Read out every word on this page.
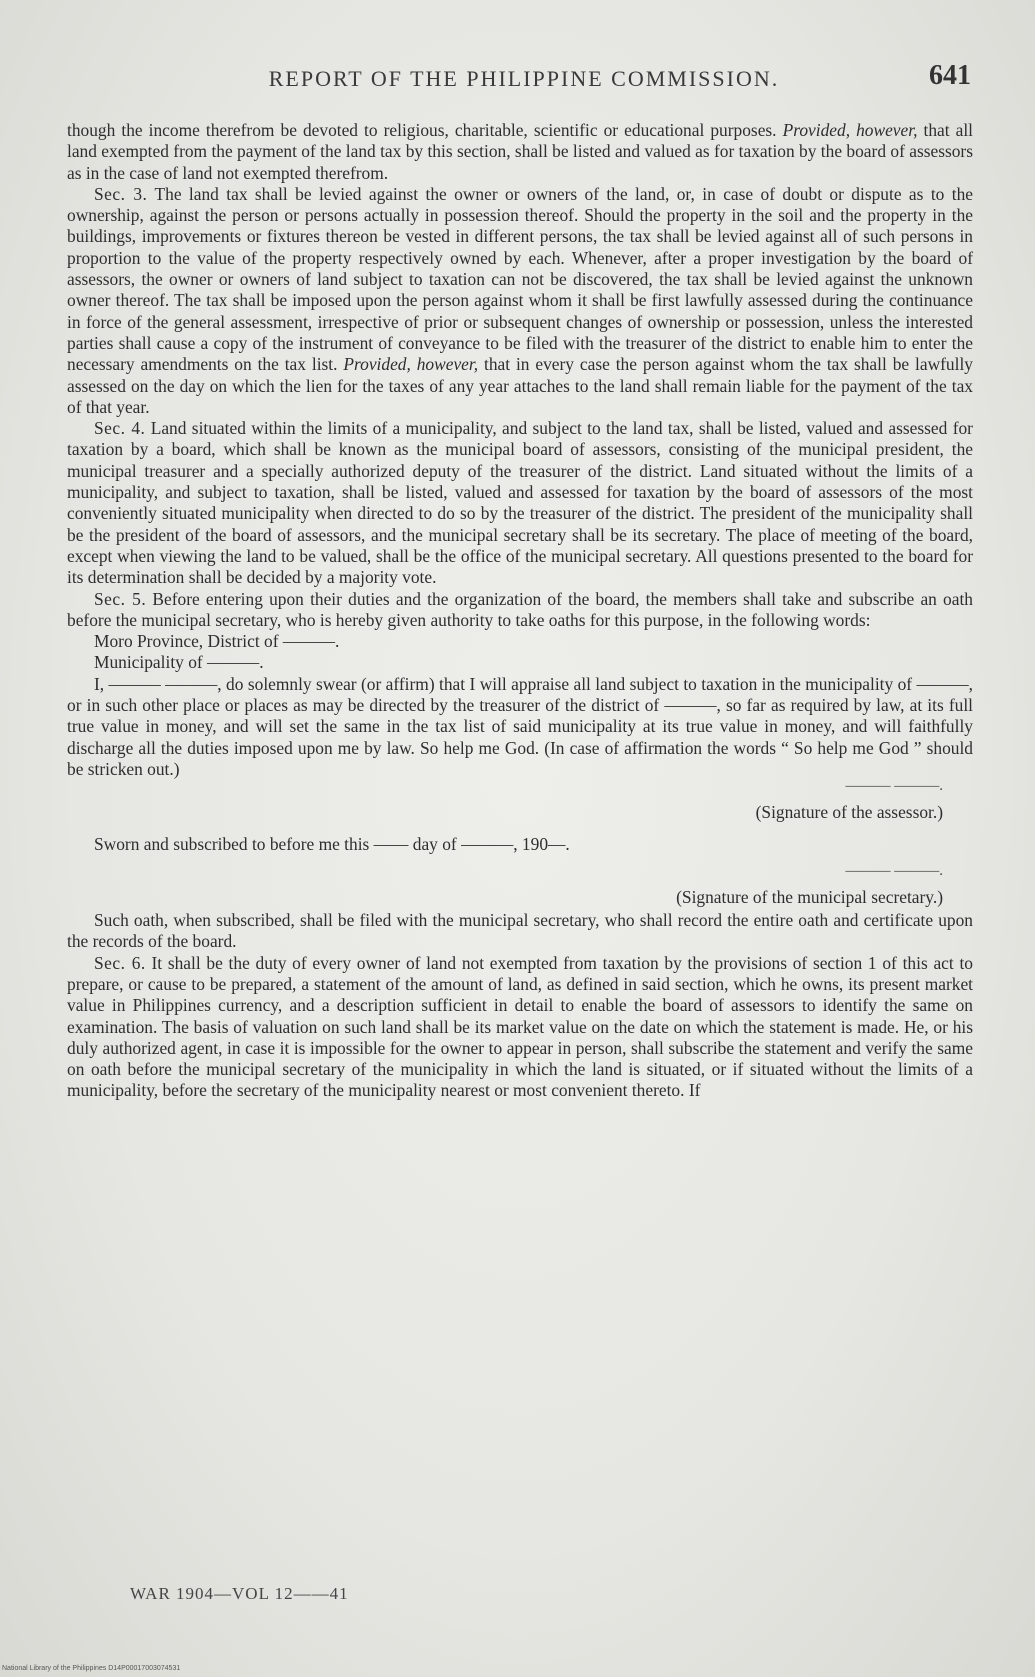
REPORT OF THE PHILIPPINE COMMISSION.	641

though the income therefrom be devoted to religious, charitable, scientific or educational purposes. Provided, however, that all land exempted from the payment of the land tax by this section, shall be listed and valued as for taxation by the board of assessors as in the case of land not exempted therefrom.

Sec. 3. The land tax shall be levied against the owner or owners of the land, or, in case of doubt or dispute as to the ownership, against the person or persons actually in possession thereof. Should the property in the soil and the property in the buildings, improvements or fixtures thereon be vested in different persons, the tax shall be levied against all of such persons in proportion to the value of the property respectively owned by each. Whenever, after a proper investigation by the board of assessors, the owner or owners of land subject to taxation can not be discovered, the tax shall be levied against the unknown owner thereof. The tax shall be imposed upon the person against whom it shall be first lawfully assessed during the continuance in force of the general assessment, irrespective of prior or subsequent changes of ownership or possession, unless the interested parties shall cause a copy of the instrument of conveyance to be filed with the treasurer of the district to enable him to enter the necessary amendments on the tax list. Provided, however, that in every case the person against whom the tax shall be lawfully assessed on the day on which the lien for the taxes of any year attaches to the land shall remain liable for the payment of the tax of that year.

Sec. 4. Land situated within the limits of a municipality, and subject to the land tax, shall be listed, valued and assessed for taxation by a board, which shall be known as the municipal board of assessors, consisting of the municipal president, the municipal treasurer and a specially authorized deputy of the treasurer of the district. Land situated without the limits of a municipality, and subject to taxation, shall be listed, valued and assessed for taxation by the board of assessors of the most conveniently situated municipality when directed to do so by the treasurer of the district. The president of the municipality shall be the president of the board of assessors, and the municipal secretary shall be its secretary. The place of meeting of the board, except when viewing the land to be valued, shall be the office of the municipal secretary. All questions presented to the board for its determination shall be decided by a majority vote.

Sec. 5. Before entering upon their duties and the organization of the board, the members shall take and subscribe an oath before the municipal secretary, who is hereby given authority to take oaths for this purpose, in the following words:

Moro Province, District of ———.

Municipality of ———.

I, ——— ———, do solemnly swear (or affirm) that I will appraise all land subject to taxation in the municipality of ———, or in such other place or places as may be directed by the treasurer of the district of ———, so far as required by law, at its full true value in money, and will set the same in the tax list of said municipality at its true value in money, and will faithfully discharge all the duties imposed upon me by law. So help me God. (In case of affirmation the words “ So help me God ” should be stricken out.)

——— ———.
(Signature of the assessor.)
Sworn and subscribed to before me this —— day of ———, 190—.
——— ———.
(Signature of the municipal secretary.)

Such oath, when subscribed, shall be filed with the municipal secretary, who shall record the entire oath and certificate upon the records of the board.

Sec. 6. It shall be the duty of every owner of land not exempted from taxation by the provisions of section 1 of this act to prepare, or cause to be prepared, a statement of the amount of land, as defined in said section, which he owns, its present market value in Philippines currency, and a description sufficient in detail to enable the board of assessors to identify the same on examination. The basis of valuation on such land shall be its market value on the date on which the statement is made. He, or his duly authorized agent, in case it is impossible for the owner to appear in person, shall subscribe the statement and verify the same on oath before the municipal secretary of the municipality in which the land is situated, or if situated without the limits of a municipality, before the secretary of the municipality nearest or most convenient thereto. If

WAR 1904—VOL 12——41
National Library of the Philippines D14P00017003074531
